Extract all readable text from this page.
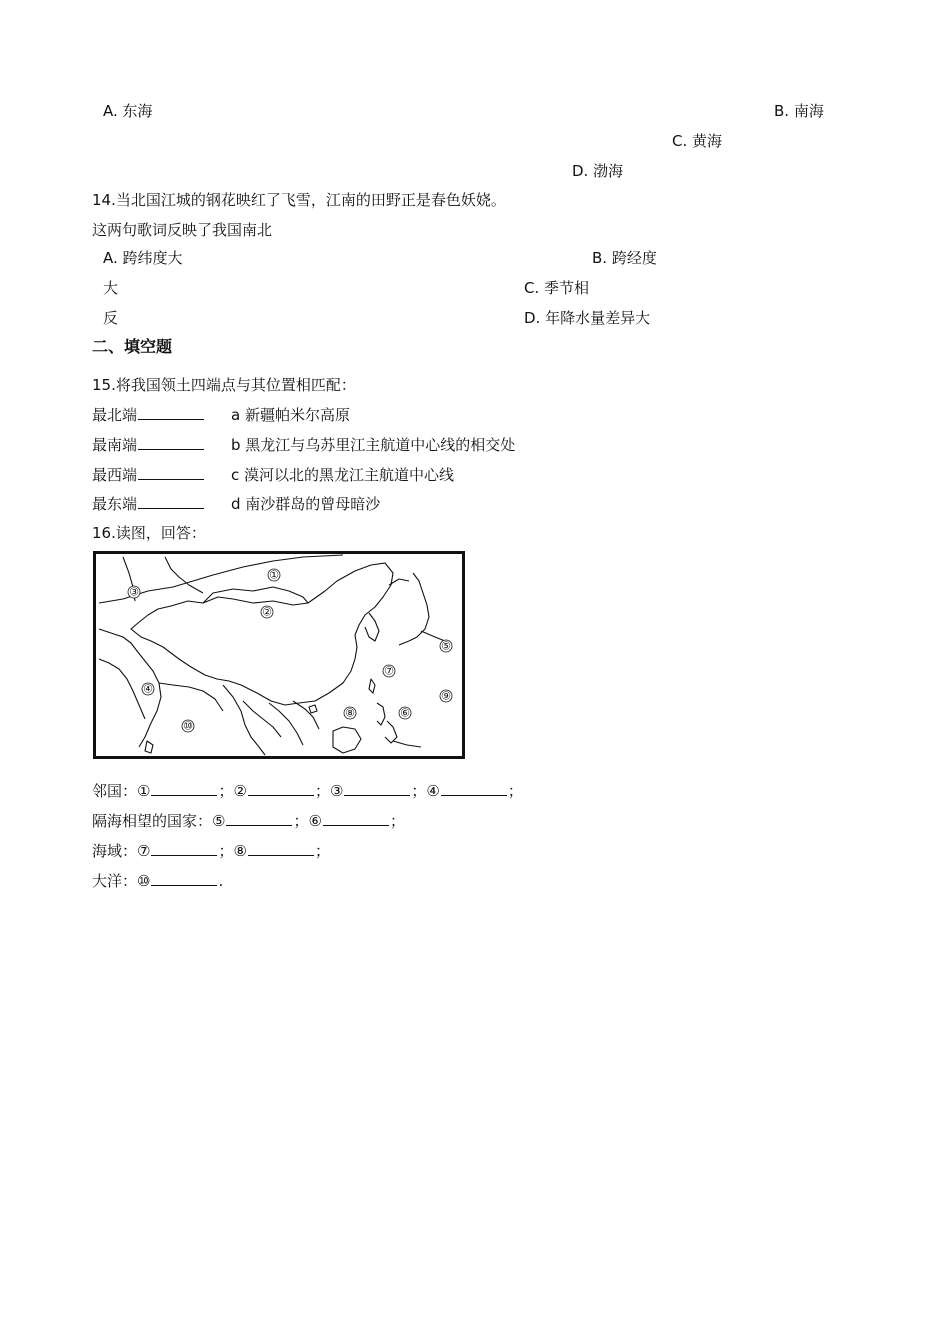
A. 东海	B. 南海
C. 黄海
D. 渤海
14.当北国江城的钢花映红了飞雪，江南的田野正是春色妖娆。
这两句歌词反映了我国南北
A. 跨纬度大	B. 跨经度
大	C. 季节相
反	D. 年降水量差异大
二、填空题
15.将我国领土四端点与其位置相匹配：
最北端	a 新疆帕米尔高原
最南端	b 黑龙江与乌苏里江主航道中心线的相交处
最西端	c 漠河以北的黑龙江主航道中心线
最东端	d 南沙群岛的曾母暗沙
16.读图，回答：
①
②
③
④
⑤
⑥
⑦
⑧
⑨
⑩
邻国：①	；②	；③	；④	；
隔海相望的国家：⑤	；⑥	；
海域：⑦	；⑧	；
大洋：⑩	.
